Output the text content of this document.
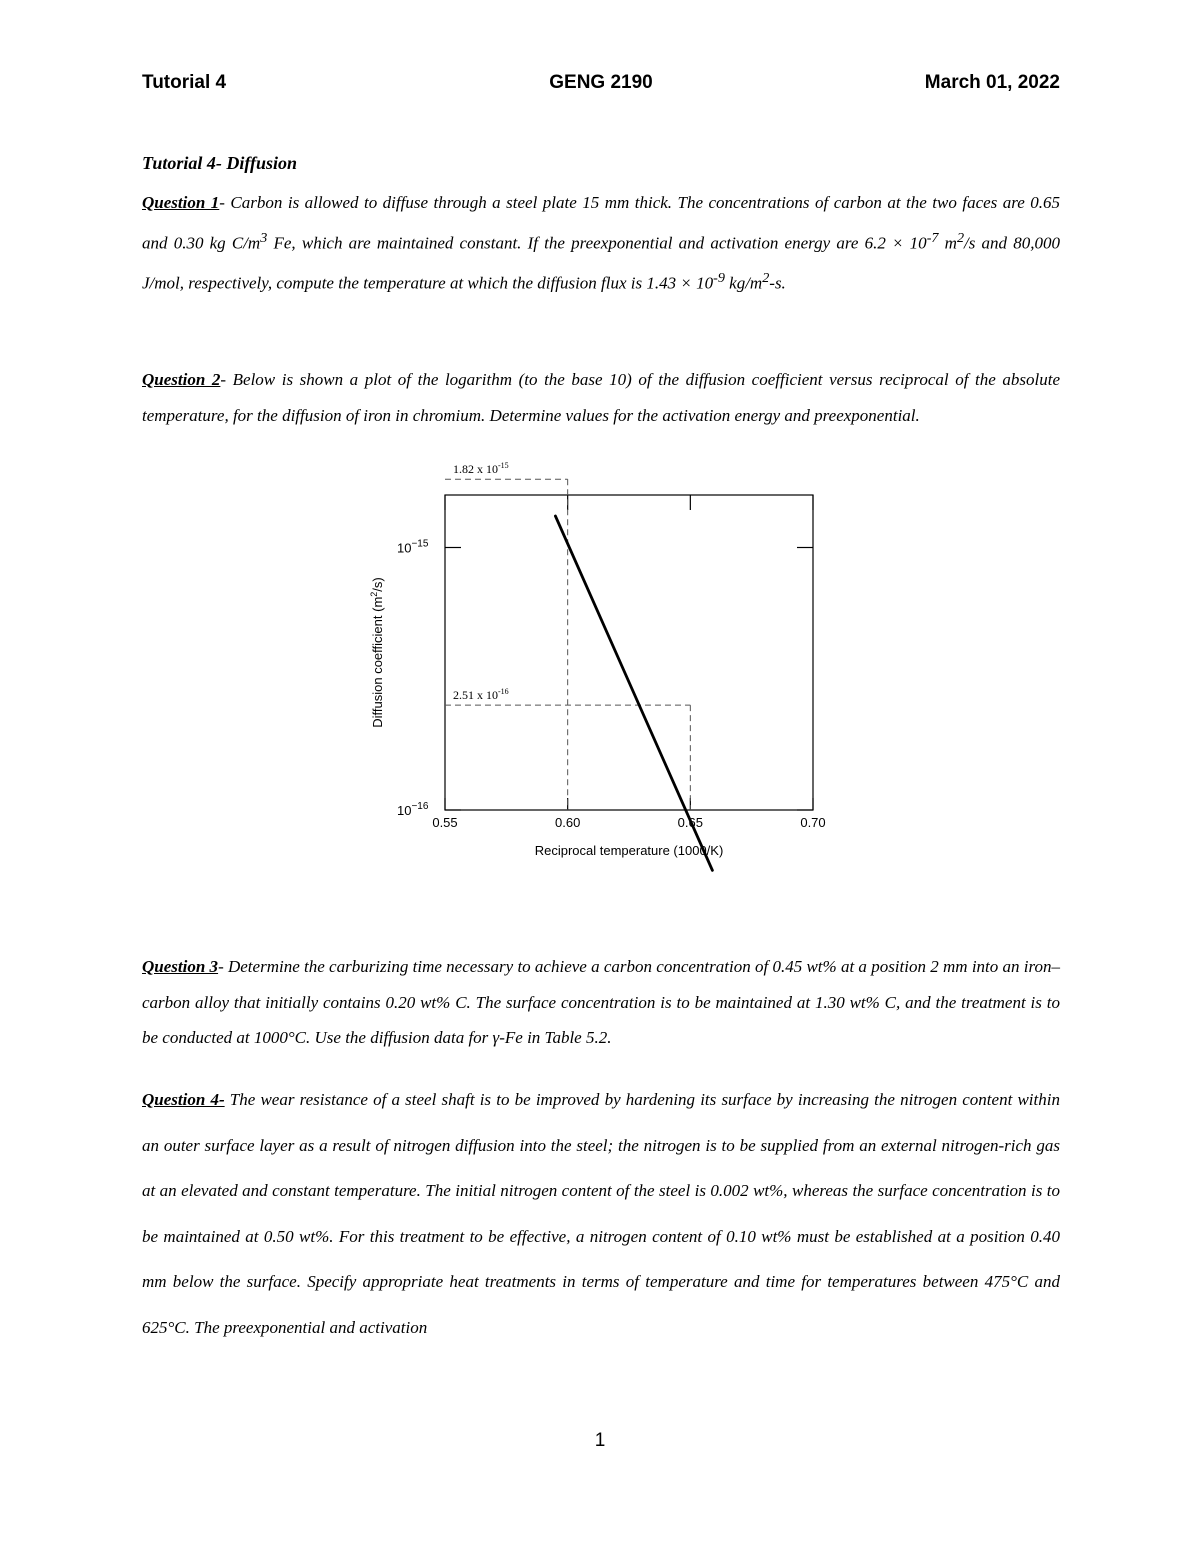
Tutorial 4	GENG 2190	March 01, 2022
Tutorial 4- Diffusion

Question 1- Carbon is allowed to diffuse through a steel plate 15 mm thick. The concentrations of carbon at the two faces are 0.65 and 0.30 kg $C/m^3$ Fe, which are maintained constant. If the preexponential and activation energy are $6.2 \times 10^{-7}$ $m^2/s$ and 80,000 J/mol, respectively, compute the temperature at which the diffusion flux is $1.43 \times 10^{-9}$ $kg/m^2-s$.

Question 2- Below is shown a plot of the logarithm (to the base 10) of the diffusion coefficient versus reciprocal of the absolute temperature, for the diffusion of iron in chromium. Determine values for the activation energy and preexponential.

0.55	0.60	0.65	0.70
$10^{-16}$
$10^{-15}$
1.82 x $10^{-15}$
2.51 x $10^{-16}$
Reciprocal temperature (1000/K)
Diffusion coefficient $(m^2/s)$

Question 3- Determine the carburizing time necessary to achieve a carbon concentration of 0.45 wt% at a position 2 mm into an iron–carbon alloy that initially contains 0.20 wt% C. The surface concentration is to be maintained at 1.30 wt% C, and the treatment is to be conducted at 1000°C. Use the diffusion data for γ-Fe in Table 5.2.

Question 4- The wear resistance of a steel shaft is to be improved by hardening its surface by increasing the nitrogen content within an outer surface layer as a result of nitrogen diffusion into the steel; the nitrogen is to be supplied from an external nitrogen-rich gas at an elevated and constant temperature. The initial nitrogen content of the steel is 0.002 wt%, whereas the surface concentration is to be maintained at 0.50 wt%. For this treatment to be effective, a nitrogen content of 0.10 wt% must be established at a position 0.40 mm below the surface. Specify appropriate heat treatments in terms of temperature and time for temperatures between 475°C and 625°C. The preexponential and activation

1
